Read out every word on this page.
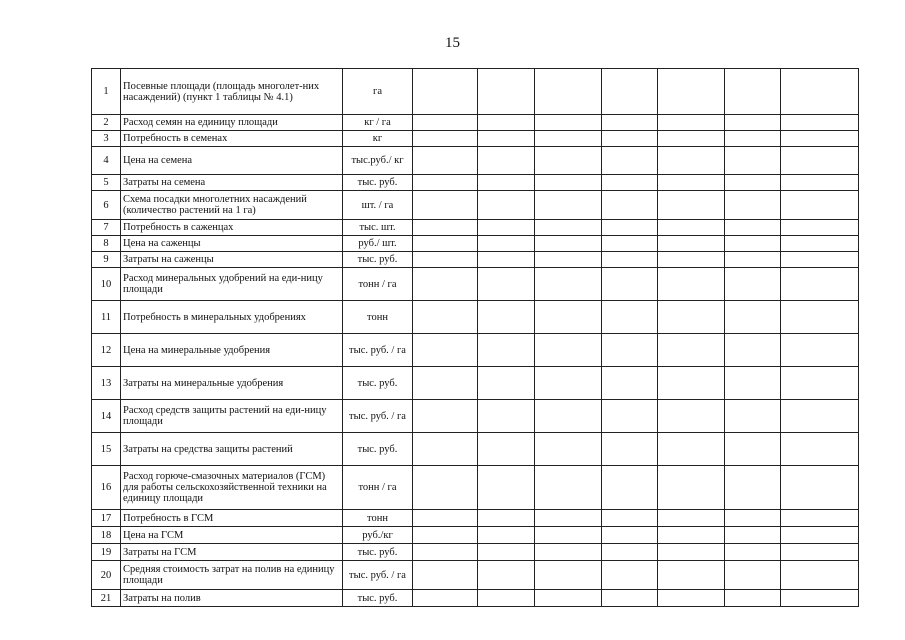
15
1	Посевные площади (площадь многолет-них насаждений) (пункт 1 таблицы № 4.1)	га							
2	Расход семян на единицу площади	кг / га							
3	Потребность в семенах	кг							
4	Цена на семена	тыс.руб./ кг							
5	Затраты на семена	тыс. руб.							
6	Схема посадки многолетних насаждений (количество растений на 1 га)	шт. / га							
7	Потребность в саженцах	тыс. шт.							
8	Цена на саженцы	руб./ шт.							
9	Затраты на саженцы	тыс. руб.							
10	Расход минеральных удобрений на еди-ницу площади	тонн / га							
11	Потребность в минеральных удобрениях	тонн							
12	Цена на минеральные удобрения	тыс. руб. / га							
13	Затраты на минеральные удобрения	тыс. руб.							
14	Расход средств защиты растений на еди-ницу площади	тыс. руб. / га							
15	Затраты на средства защиты растений	тыс. руб.							
16	Расход горюче-смазочных материалов (ГСМ) для работы сельскохозяйственной техники на единицу площади	тонн / га							
17	Потребность в ГСМ	тонн							
18	Цена на ГСМ	руб./кг							
19	Затраты на ГСМ	тыс. руб.							
20	Средняя стоимость затрат на полив на единицу площади	тыс. руб. / га							
21	Затраты на полив	тыс. руб.							
